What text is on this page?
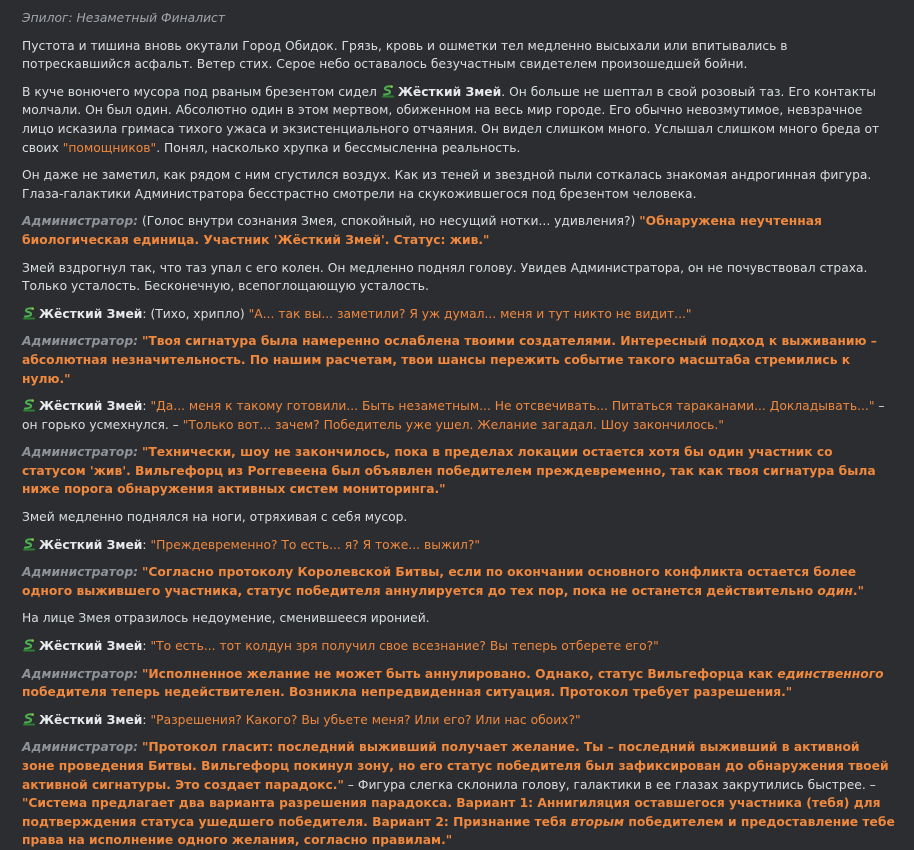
Эпилог: Незаметный Финалист

Пустота и тишина вновь окутали Город Обидок. Грязь, кровь и ошметки тел медленно высыхали или впитывались в потрескавшийся асфальт. Ветер стих. Серое небо оставалось безучастным свидетелем произошедшей бойни.

В куче вонючего мусора под рваным брезентом сидел Жёсткий Змей. Он больше не шептал в свой розовый таз. Его контакты молчали. Он был один. Абсолютно один в этом мертвом, обиженном на весь мир городе. Его обычно невозмутимое, невзрачное лицо исказила гримаса тихого ужаса и экзистенциального отчаяния. Он видел слишком много. Услышал слишком много бреда от своих "помощников". Понял, насколько хрупка и бессмысленна реальность.

Он даже не заметил, как рядом с ним сгустился воздух. Как из теней и звездной пыли соткалась знакомая андрогинная фигура. Глаза-галактики Администратора бесстрастно смотрели на скукожившегося под брезентом человека.

Администратор: (Голос внутри сознания Змея, спокойный, но несущий нотки... удивления?) "Обнаружена неучтенная биологическая единица. Участник 'Жёсткий Змей'. Статус: жив."

Змей вздрогнул так, что таз упал с его колен. Он медленно поднял голову. Увидев Администратора, он не почувствовал страха. Только усталость. Бесконечную, всепоглощающую усталость.

Жёсткий Змей: (Тихо, хрипло) "А... так вы... заметили? Я уж думал... меня и тут никто не видит..."

Администратор: "Твоя сигнатура была намеренно ослаблена твоими создателями. Интересный подход к выживанию – абсолютная незначительность. По нашим расчетам, твои шансы пережить событие такого масштаба стремились к нулю."

Жёсткий Змей: "Да... меня к такому готовили... Быть незаметным... Не отсвечивать... Питаться тараканами... Докладывать..." – он горько усмехнулся. – "Только вот... зачем? Победитель уже ушел. Желание загадал. Шоу закончилось."

Администратор: "Технически, шоу не закончилось, пока в пределах локации остается хотя бы один участник со статусом 'жив'. Вильгефорц из Роггевеена был объявлен победителем преждевременно, так как твоя сигнатура была ниже порога обнаружения активных систем мониторинга."

Змей медленно поднялся на ноги, отряхивая с себя мусор.

Жёсткий Змей: "Преждевременно? То есть... я? Я тоже... выжил?"

Администратор: "Согласно протоколу Королевской Битвы, если по окончании основного конфликта остается более одного выжившего участника, статус победителя аннулируется до тех пор, пока не останется действительно один."

На лице Змея отразилось недоумение, сменившееся иронией.

Жёсткий Змей: "То есть... тот колдун зря получил свое всезнание? Вы теперь отберете его?"

Администратор: "Исполненное желание не может быть аннулировано. Однако, статус Вильгефорца как единственного победителя теперь недействителен. Возникла непредвиденная ситуация. Протокол требует разрешения."

Жёсткий Змей: "Разрешения? Какого? Вы убьете меня? Или его? Или нас обоих?"

Администратор: "Протокол гласит: последний выживший получает желание. Ты – последний выживший в активной зоне проведения Битвы. Вильгефорц покинул зону, но его статус победителя был зафиксирован до обнаружения твоей активной сигнатуры. Это создает парадокс." – Фигура слегка склонила голову, галактики в ее глазах закрутились быстрее. – "Система предлагает два варианта разрешения парадокса. Вариант 1: Аннигиляция оставшегося участника (тебя) для подтверждения статуса ушедшего победителя. Вариант 2: Признание тебя вторым победителем и предоставление тебе права на исполнение одного желания, согласно правилам."
